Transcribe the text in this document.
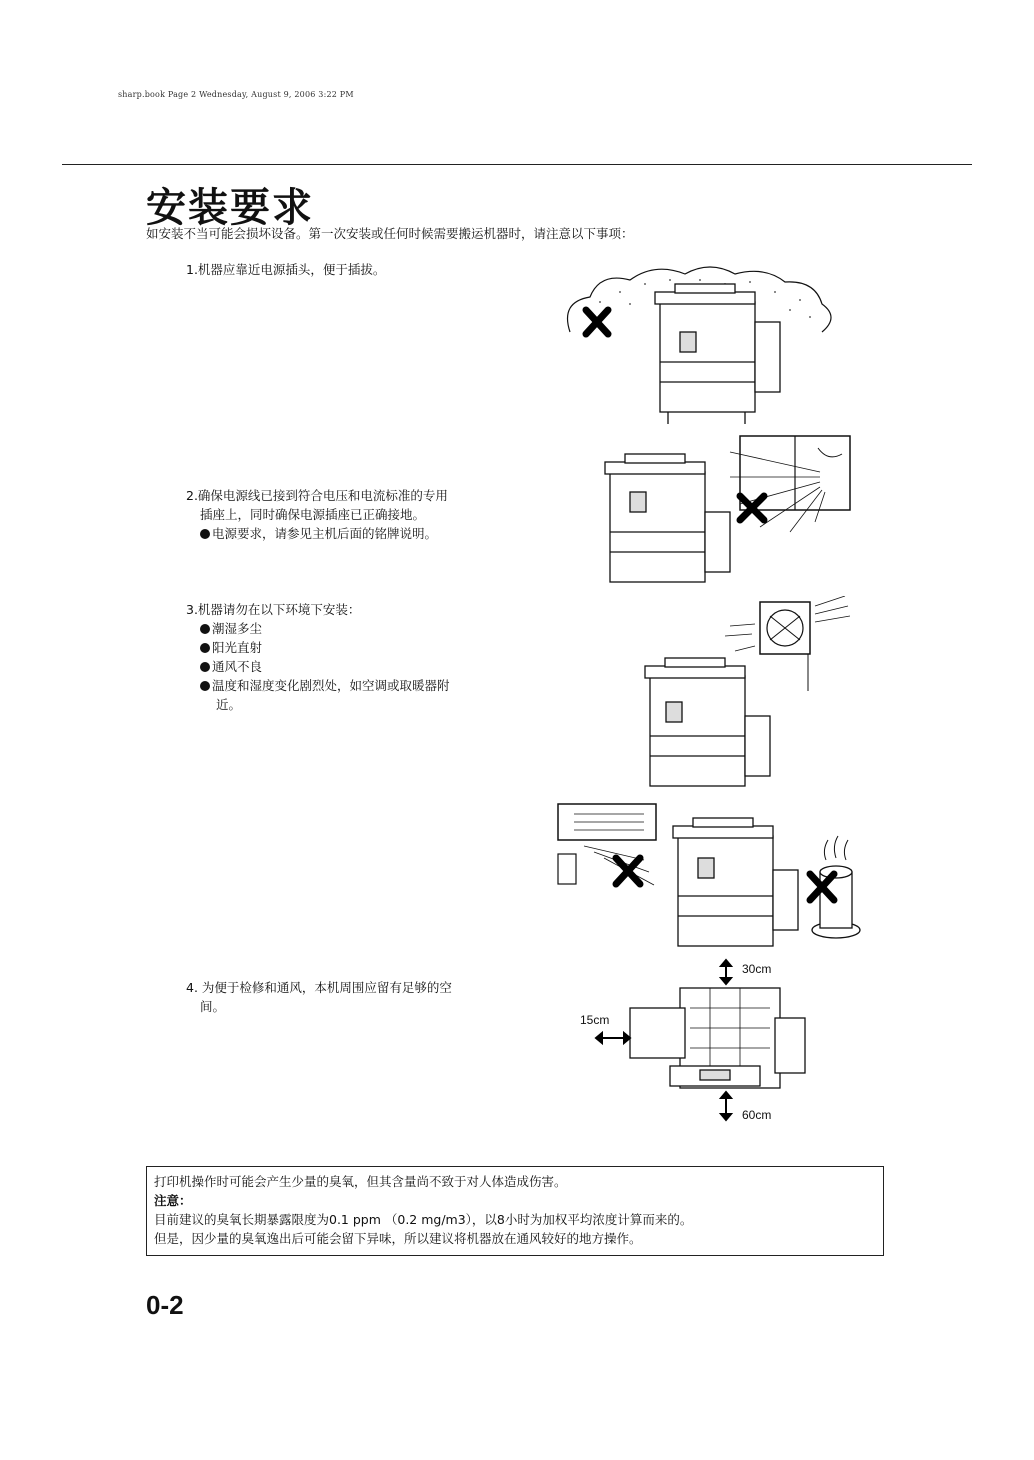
sharp.book Page 2 Wednesday, August 9, 2006 3:22 PM
安装要求
如安装不当可能会损坏设备。第一次安装或任何时候需要搬运机器时，请注意以下事项：
1.机器应靠近电源插头，便于插拔。
2.确保电源线已接到符合电压和电流标准的专用
插座上，同时确保电源插座已正确接地。
电源要求，请参见主机后面的铭牌说明。
3.机器请勿在以下环境下安装：
潮湿多尘
阳光直射
通风不良
温度和湿度变化剧烈处，如空调或取暖器附
近。
4. 为便于检修和通风，本机周围应留有足够的空
间。
30cm
15cm
60cm
打印机操作时可能会产生少量的臭氧，但其含量尚不致于对人体造成伤害。
注意：
目前建议的臭氧长期暴露限度为0.1 ppm （0.2 mg/m3），以8小时为加权平均浓度计算而来的。
但是，因少量的臭氧逸出后可能会留下异味，所以建议将机器放在通风较好的地方操作。
0-2
